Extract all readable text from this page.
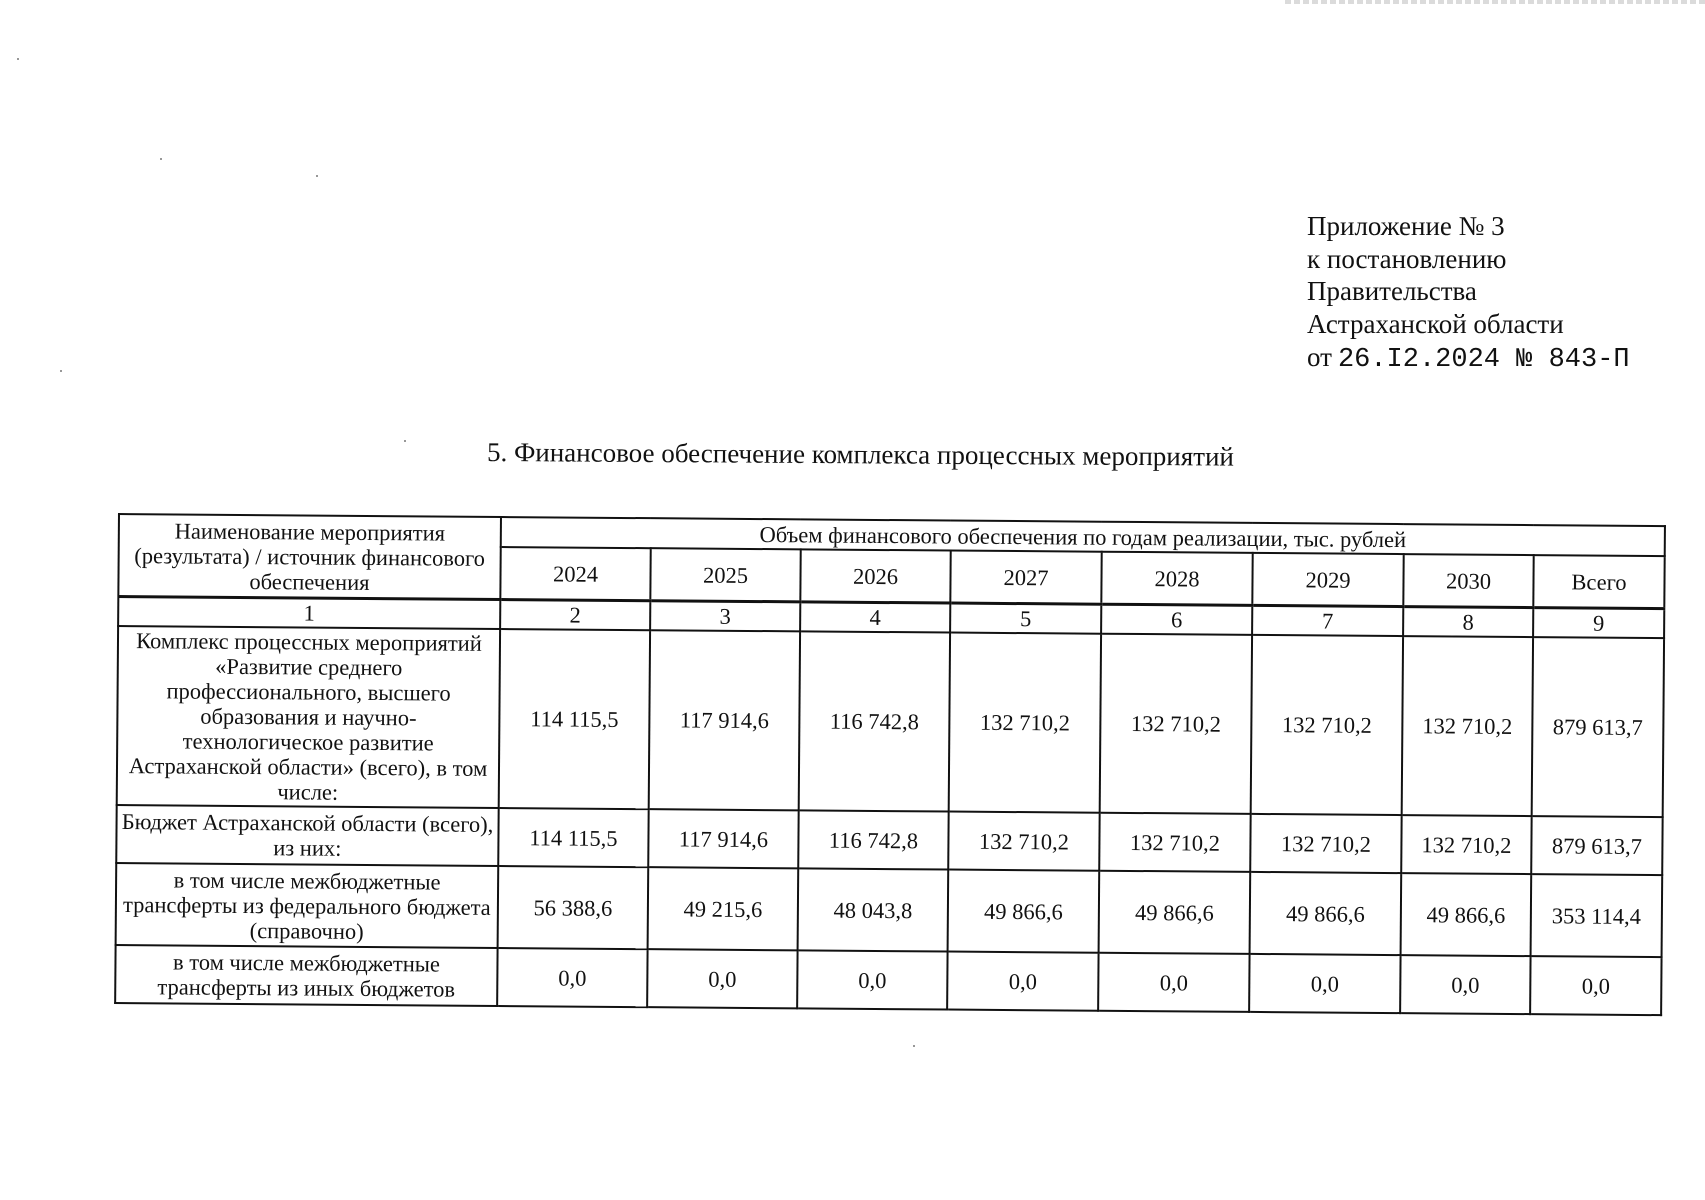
Приложение № 3
к постановлению
Правительства
Астраханской области
от 26.I2.2024 № 843-П
5. Финансовое обеспечение комплекса процессных мероприятий
Наименование мероприятия (результата) / источник финансового обеспечения	Объем финансового обеспечения по годам реализации, тыс. рублей							
	2024	2025	2026	2027	2028	2029	2030	Всего
1	2	3	4	5	6	7	8	9
Комплекс процессных мероприятий «Развитие среднего профессионального, высшего образования и научно-технологическое развитие Астраханской области» (всего), в том числе:	114 115,5	117 914,6	116 742,8	132 710,2	132 710,2	132 710,2	132 710,2	879 613,7
Бюджет Астраханской области (всего), из них:	114 115,5	117 914,6	116 742,8	132 710,2	132 710,2	132 710,2	132 710,2	879 613,7
в том числе межбюджетные трансферты из федерального бюджета (справочно)	56 388,6	49 215,6	48 043,8	49 866,6	49 866,6	49 866,6	49 866,6	353 114,4
в том числе межбюджетные трансферты из иных бюджетов	0,0	0,0	0,0	0,0	0,0	0,0	0,0	0,0
